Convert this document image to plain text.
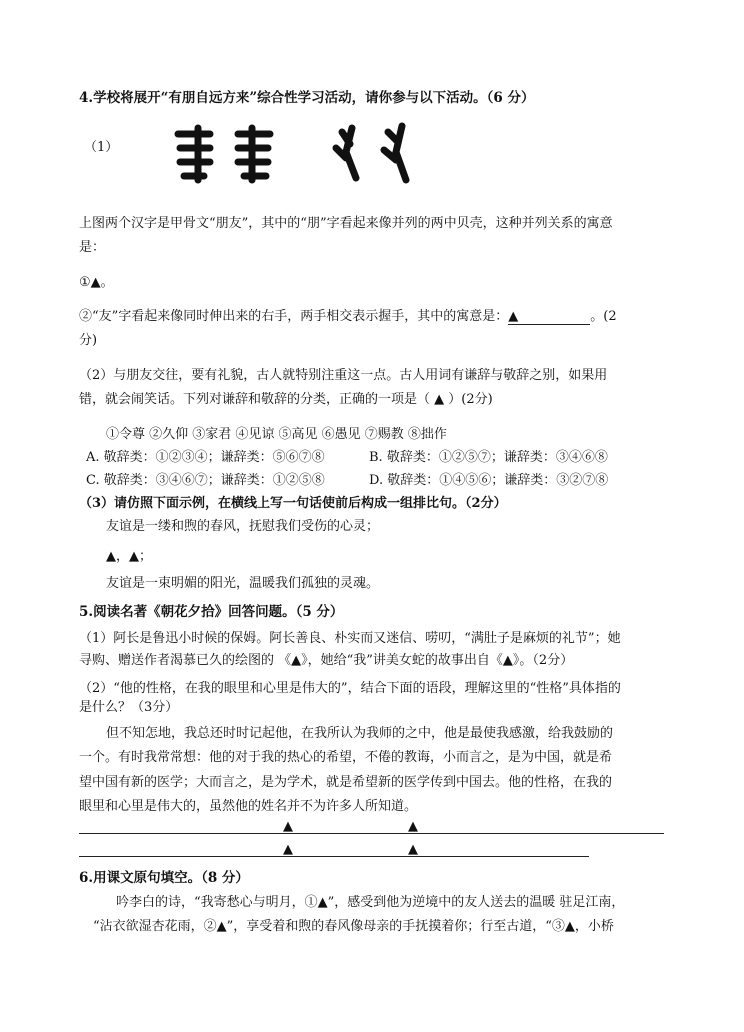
4.学校将展开“有朋自远方来”综合性学习活动，请你参与以下活动。（6 分）
（1）
上图两个汉字是甲骨文“朋友”，其中的“朋”字看起来像并列的两中贝壳，这种并列关系的寓意
是：
①▲。
②“友”字看起来像同时伸出来的右手，两手相交表示握手，其中的寓意是：▲	。(2
分)
（2）与朋友交往，要有礼貌，古人就特别注重这一点。古人用词有谦辞与敬辞之别，如果用
错，就会闹笑话。下列对谦辞和敬辞的分类，正确的一项是（ ▲ ）(2分)
①令尊 ②久仰 ③家君 ④见谅 ⑤高见 ⑥愚见 ⑦赐教 ⑧拙作
A. 敬辞类：①②③④；谦辞类：⑤⑥⑦⑧	B. 敬辞类：①②⑤⑦；谦辞类：③④⑥⑧
C. 敬辞类：③④⑥⑦；谦辞类：①②⑤⑧	D. 敬辞类：①④⑤⑥；谦辞类：③②⑦⑧
（3）请仿照下面示例，在横线上写一句话使前后构成一组排比句。（2分）
友谊是一缕和煦的春风，抚慰我们受伤的心灵；
▲，▲；
友谊是一束明媚的阳光，温暖我们孤独的灵魂。
5.阅读名著《朝花夕拾》回答问题。（5 分）
（1）阿长是鲁迅小时候的保姆。阿长善良、朴实而又迷信、唠叨，“满肚子是麻烦的礼节”；她
寻购、赠送作者渴慕已久的绘图的 《▲》，她给“我”讲美女蛇的故事出自《▲》。（2分）
（2）“他的性格，在我的眼里和心里是伟大的”，结合下面的语段，理解这里的“性格”具体指的
是什么？（3分）
但不知怎地，我总还时时记起他，在我所认为我师的之中，他是最使我感激，给我鼓励的
一个。有时我常常想：他的对于我的热心的希望，不倦的教诲，小而言之，是为中国，就是希
望中国有新的医学；大而言之，是为学术，就是希望新的医学传到中国去。他的性格，在我的
眼里和心里是伟大的，虽然他的姓名并不为许多人所知道。
▲	▲
▲	▲
6.用课文原句填空。（8 分）
吟李白的诗，“我寄愁心与明月，①▲”，感受到他为逆境中的友人送去的温暖 驻足江南，
“沾衣欲湿杏花雨，②▲”，享受着和煦的春风像母亲的手抚摸着你；行至古道，“③▲，小桥
